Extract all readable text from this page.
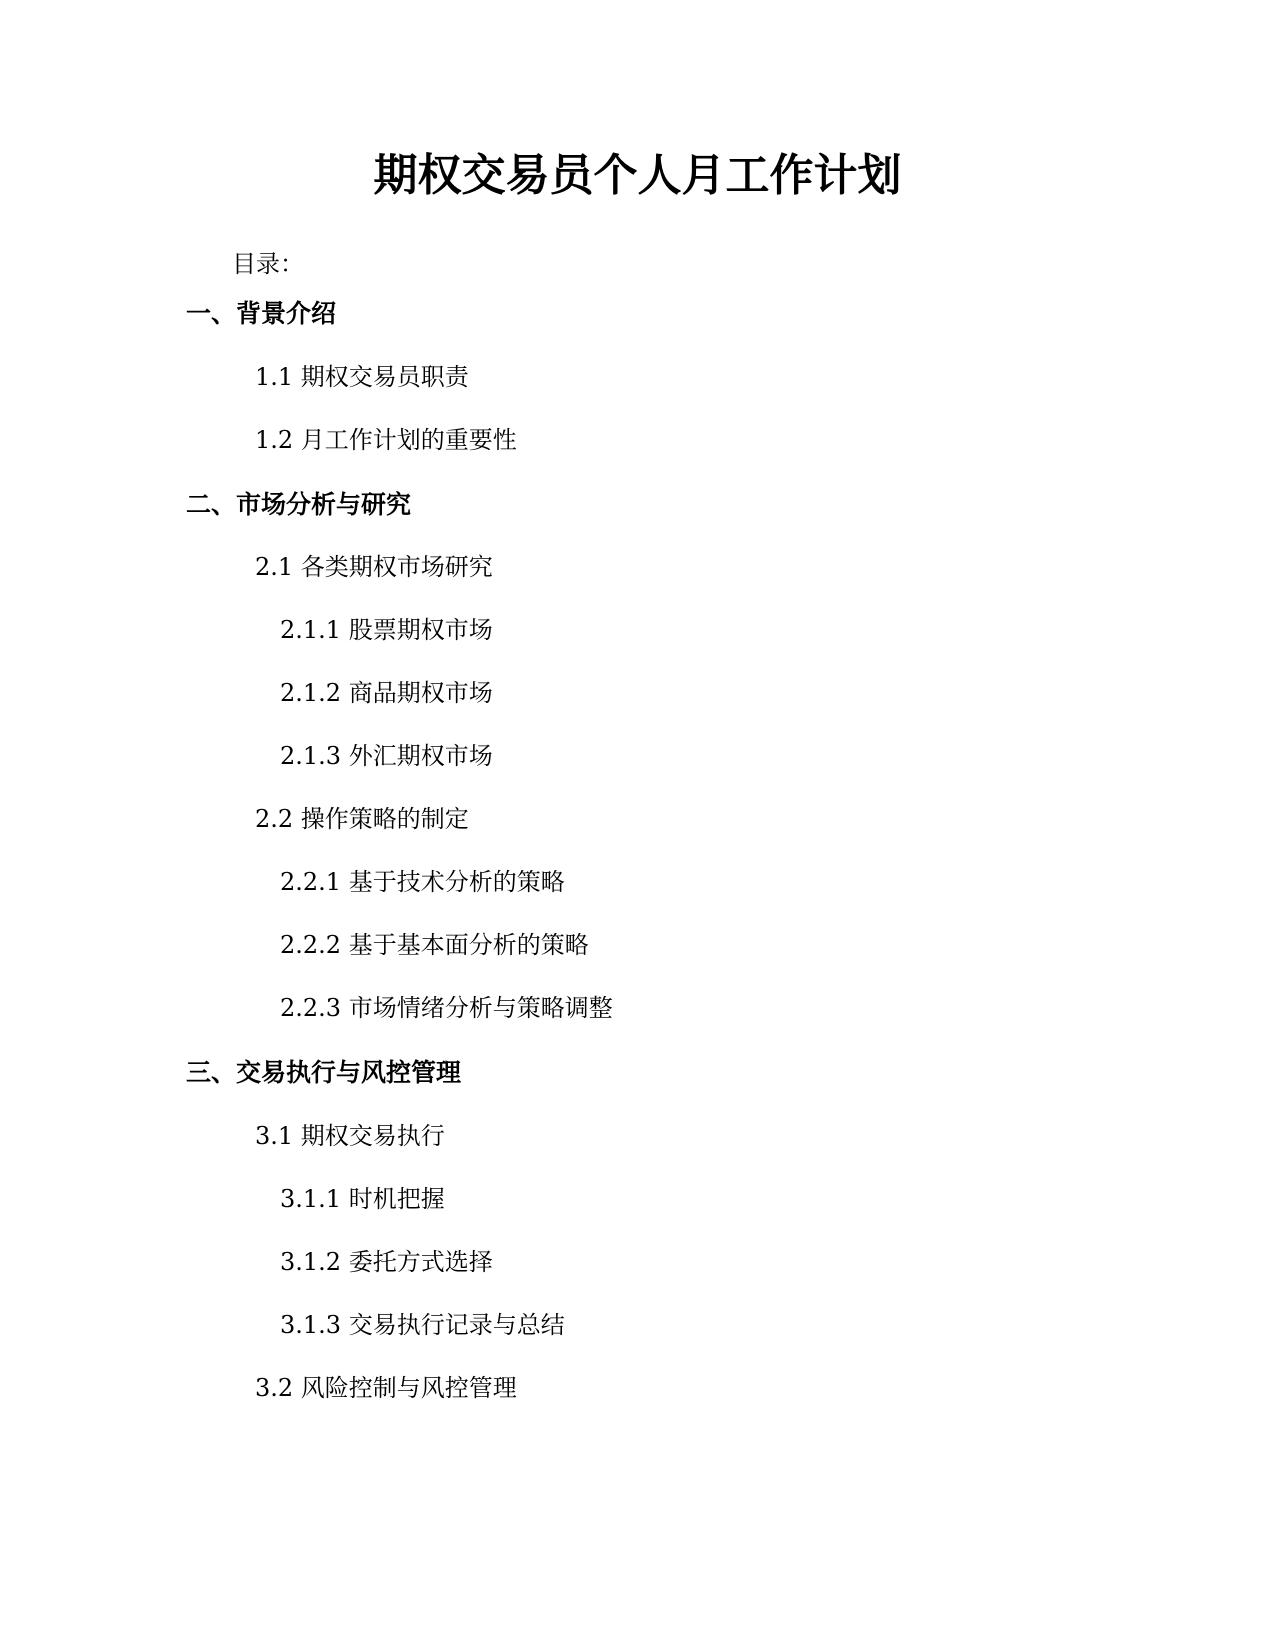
期权交易员个人月工作计划
目录：
一、背景介绍
1.1 期权交易员职责
1.2 月工作计划的重要性
二、市场分析与研究
2.1 各类期权市场研究
2.1.1 股票期权市场
2.1.2 商品期权市场
2.1.3 外汇期权市场
2.2 操作策略的制定
2.2.1 基于技术分析的策略
2.2.2 基于基本面分析的策略
2.2.3 市场情绪分析与策略调整
三、交易执行与风控管理
3.1 期权交易执行
3.1.1 时机把握
3.1.2 委托方式选择
3.1.3 交易执行记录与总结
3.2 风险控制与风控管理
